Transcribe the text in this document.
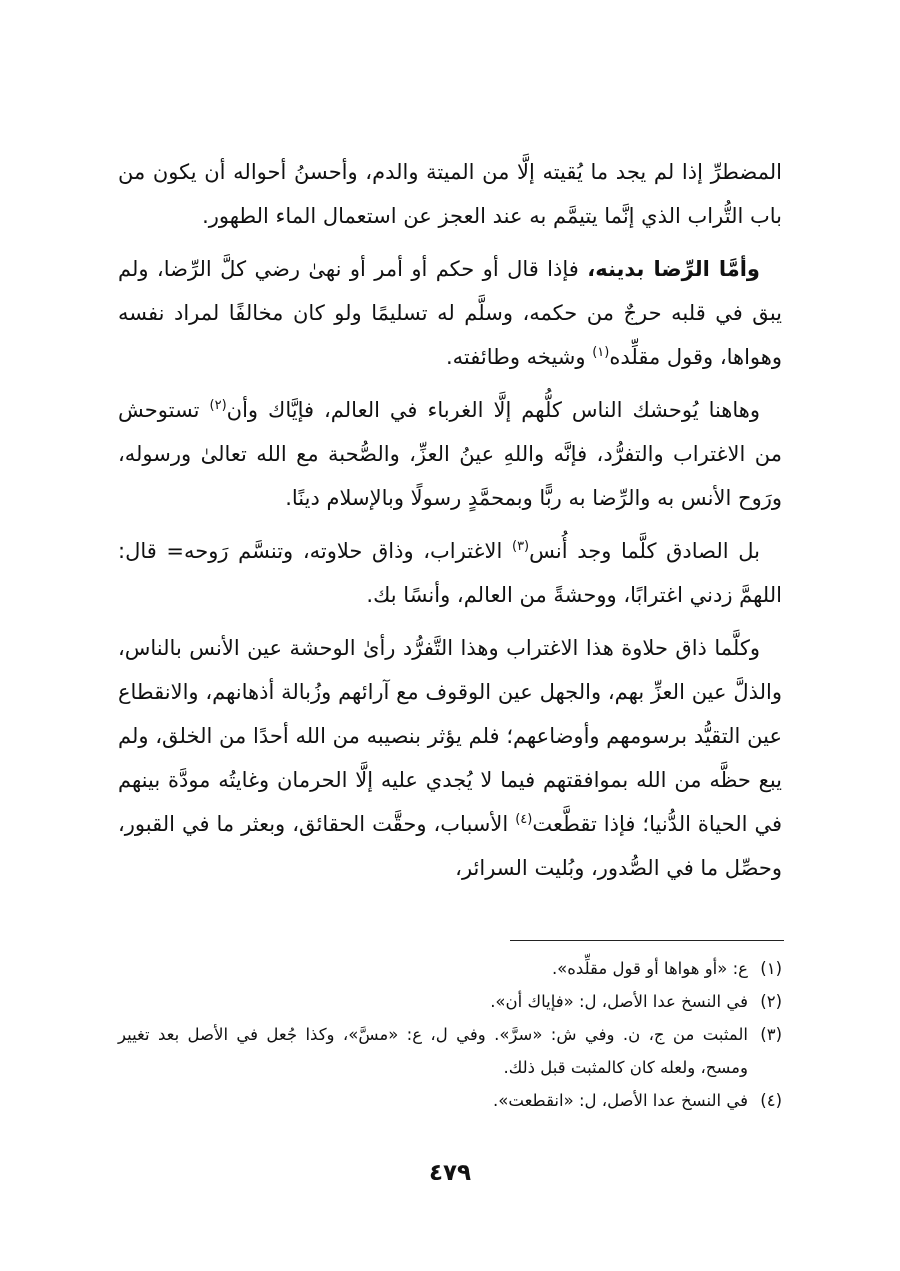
المضطرِّ إذا لم يجد ما يُقيته إلَّا من الميتة والدم، وأحسنُ أحواله أن يكون من باب التُّراب الذي إنَّما يتيمَّم به عند العجز عن استعمال الماء الطهور.

وأمَّا الرِّضا بدينه، فإذا قال أو حكم أو أمر أو نهىٰ رضي كلَّ الرِّضا، ولم يبق في قلبه حرجٌ من حكمه، وسلَّم له تسليمًا ولو كان مخالفًا لمراد نفسه وهواها، وقول مقلِّده$^{(١)}$ وشيخه وطائفته.

وهاهنا يُوحشك الناس كلُّهم إلَّا الغرباء في العالم، فإيَّاك وأن$^{(٢)}$ تستوحش من الاغتراب والتفرُّد، فإنَّه واللهِ عينُ العزِّ، والصُّحبة مع الله تعالىٰ ورسوله، ورَوح الأنس به والرِّضا به ربًّا وبمحمَّدٍ رسولًا وبالإسلام دينًا.

بل الصادق كلَّما وجد أُنس$^{(٣)}$ الاغتراب، وذاق حلاوته، وتنسَّم رَوحه= قال: اللهمَّ زدني اغترابًا، ووحشةً من العالم، وأنسًا بك.

وكلَّما ذاق حلاوة هذا الاغتراب وهذا التَّفرُّد رأىٰ الوحشة عين الأنس بالناس، والذلَّ عين العزِّ بهم، والجهل عين الوقوف مع آرائهم وزُبالة أذهانهم، والانقطاع عين التقيُّد برسومهم وأوضاعهم؛ فلم يؤثر بنصيبه من الله أحدًا من الخلق، ولم يبع حظَّه من الله بموافقتهم فيما لا يُجدي عليه إلَّا الحرمان وغايتُه مودَّة بينهم في الحياة الدُّنيا؛ فإذا تقطَّعت$^{(٤)}$ الأسباب، وحقَّت الحقائق، وبعثر ما في القبور، وحصِّل ما في الصُّدور، وبُليت السرائر،

(١)
ع: «أو هواها أو قول مقلِّده».
(٢)
في النسخ عدا الأصل، ل: «فإياك أن».
(٣)
المثبت من ج، ن. وفي ش: «سرَّ». وفي ل، ع: «مسَّ»، وكذا جُعل في الأصل بعد تغيير ومسح، ولعله كان كالمثبت قبل ذلك.
(٤)
في النسخ عدا الأصل، ل: «انقطعت».
٤٧٩
